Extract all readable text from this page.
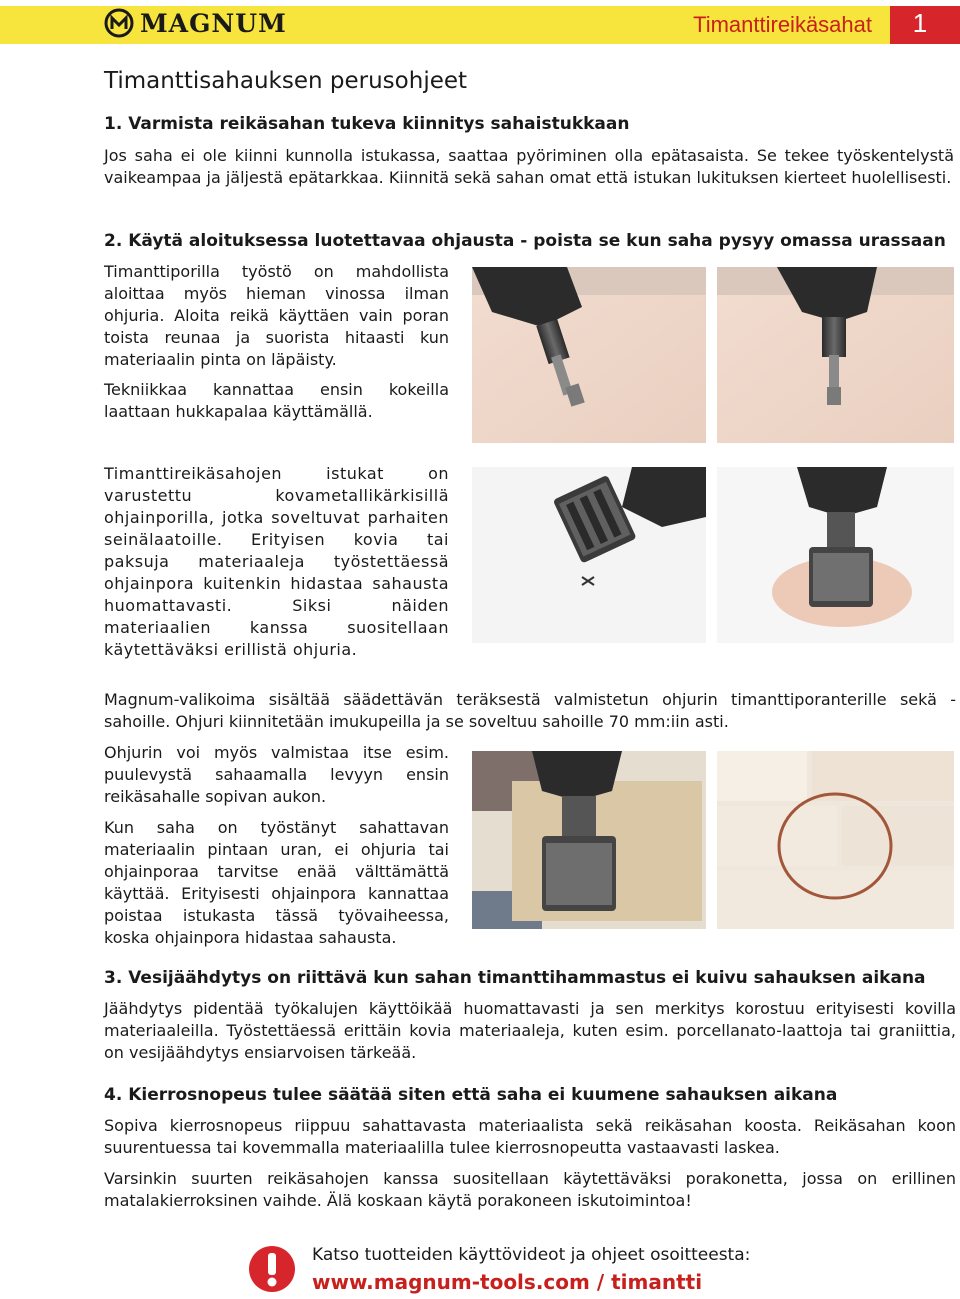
MAGNUM	Timanttireikäsahat	1
Timanttisahauksen perusohjeet
1. Varmista reikäsahan tukeva kiinnitys sahaistukkaan
Jos saha ei ole kiinni kunnolla istukassa, saattaa pyöriminen olla epätasaista. Se tekee työskentelystä vaikeampaa ja jäljestä epätarkkaa. Kiinnitä sekä sahan omat että istukan lukituksen kierteet huolellisesti.
2. Käytä aloituksessa luotettavaa ohjausta - poista se kun saha pysyy omassa urassaan
Timanttiporilla työstö on mahdollista aloittaa myös hieman vinossa ilman ohjuria. Aloita reikä käyttäen vain poran toista reunaa ja suorista hitaasti kun materiaalin pinta on läpäisty.
Tekniikkaa kannattaa ensin kokeilla laattaan hukkapalaa käyttämällä.
Timanttireikäsahojen istukat on varustettu kovametallikärkisillä ohjainporilla, jotka soveltuvat parhaiten seinälaatoille. Erityisen kovia tai paksuja materiaaleja työstettäessä ohjainpora kuitenkin hidastaa sahausta huomattavasti. Siksi näiden materiaalien kanssa suositellaan käytettäväksi erillistä ohjuria.
Magnum-valikoima sisältää säädettävän teräksestä valmistetun ohjurin timanttiporanterille sekä -sahoille. Ohjuri kiinnitetään imukupeilla ja se soveltuu sahoille 70 mm:iin asti.
Ohjurin voi myös valmistaa itse esim. puulevystä sahaamalla levyyn ensin reikäsahalle sopivan aukon.
Kun saha on työstänyt sahattavan materiaalin pintaan uran, ei ohjuria tai ohjainporaa tarvitse enää välttämättä käyttää. Erityisesti ohjainpora kannattaa poistaa istukasta tässä työvaiheessa, koska ohjainpora hidastaa sahausta.
3. Vesijäähdytys on riittävä kun sahan timanttihammastus ei kuivu sahauksen aikana
Jäähdytys pidentää työkalujen käyttöikää huomattavasti ja sen merkitys korostuu erityisesti kovilla materiaaleilla. Työstettäessä erittäin kovia materiaaleja, kuten esim. porcellanato-laattoja tai graniittia, on vesijäähdytys ensiarvoisen tärkeää.
4. Kierrosnopeus tulee säätää siten että saha ei kuumene sahauksen aikana
Sopiva kierrosnopeus riippuu sahattavasta materiaalista sekä reikäsahan koosta. Reikäsahan koon suurentuessa tai kovemmalla materiaalilla tulee kierrosnopeutta vastaavasti laskea.
Varsinkin suurten reikäsahojen kanssa suositellaan käytettäväksi porakonetta, jossa on erillinen matalakierroksinen vaihde. Älä koskaan käytä porakoneen iskutoimintoa!
Katso tuotteiden käyttövideot ja ohjeet osoitteesta:
www.magnum-tools.com / timantti
